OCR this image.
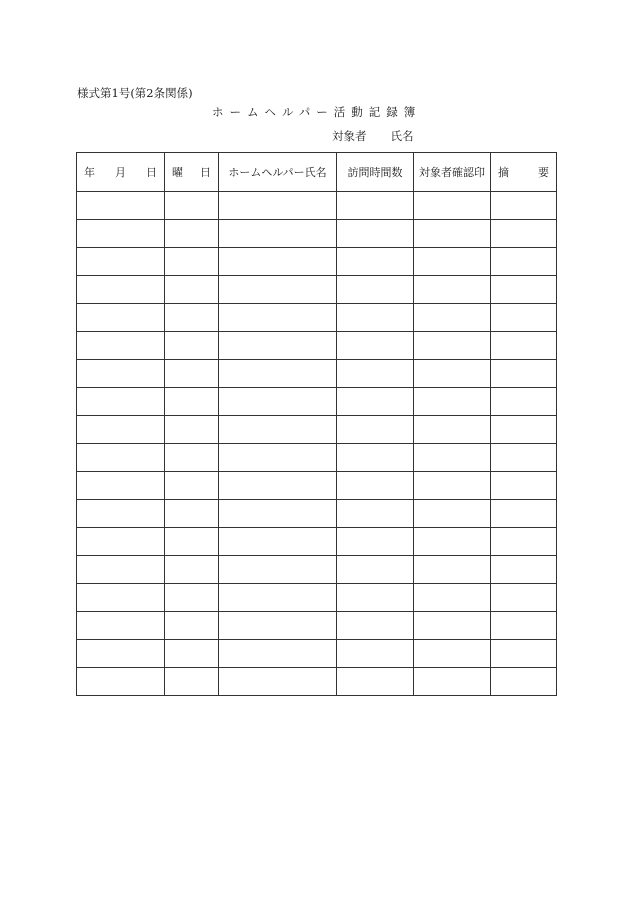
様式第1号(第2条関係)
ホームヘルパー活動記録簿
対象者 氏名
年 月 日	曜 日	ホームヘルパー氏名	訪問時間数	対象者確認印	摘 要
